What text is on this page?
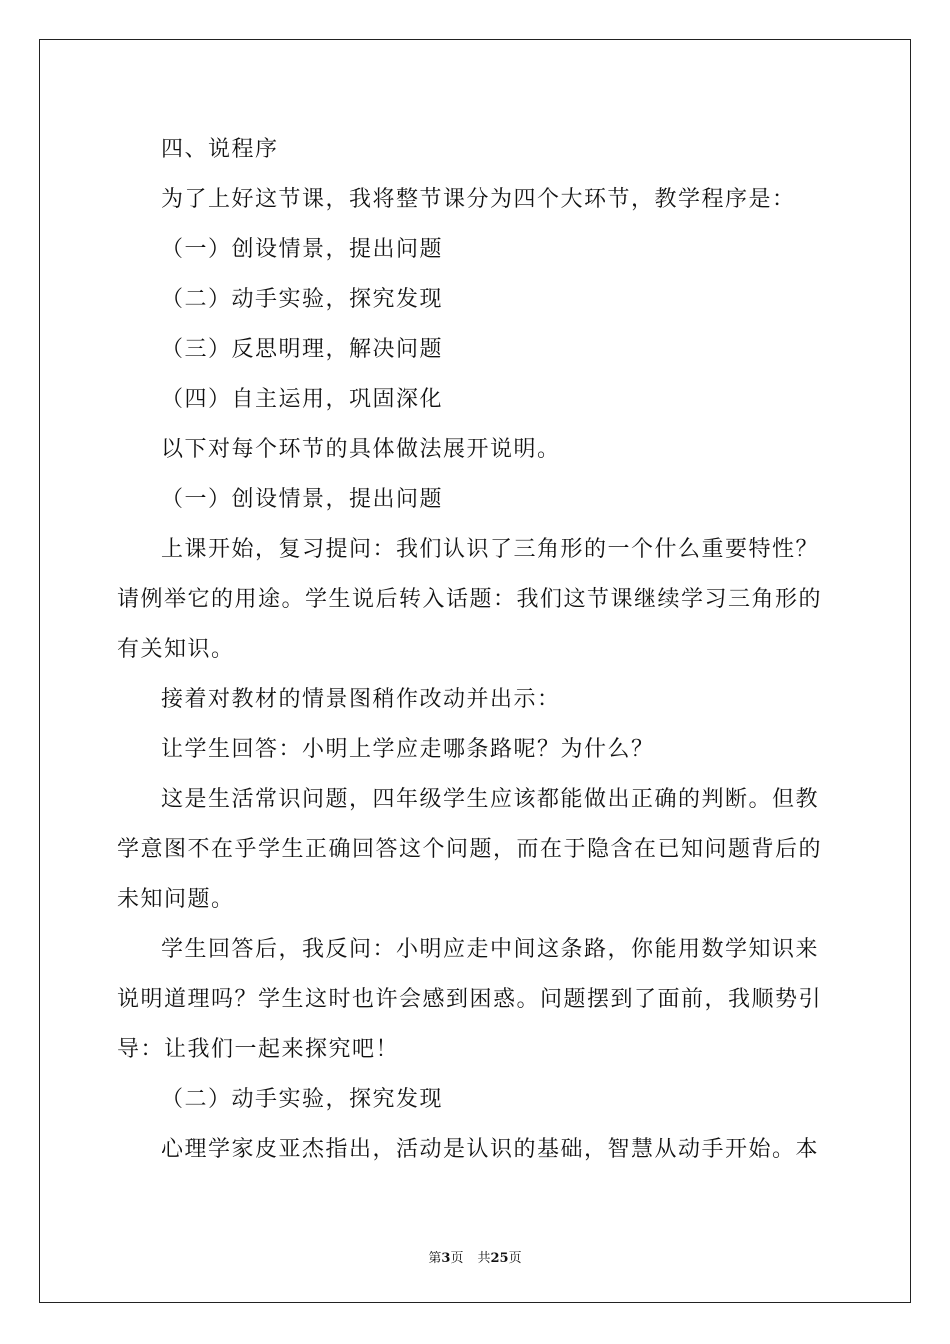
四、说程序

为了上好这节课，我将整节课分为四个大环节，教学程序是：

（一）创设情景，提出问题

（二）动手实验，探究发现

（三）反思明理，解决问题

（四）自主运用，巩固深化

以下对每个环节的具体做法展开说明。

（一）创设情景，提出问题

上课开始，复习提问：我们认识了三角形的一个什么重要特性？请例举它的用途。学生说后转入话题：我们这节课继续学习三角形的有关知识。

接着对教材的情景图稍作改动并出示：

让学生回答：小明上学应走哪条路呢？为什么？

这是生活常识问题，四年级学生应该都能做出正确的判断。但教学意图不在乎学生正确回答这个问题，而在于隐含在已知问题背后的未知问题。

学生回答后，我反问：小明应走中间这条路，你能用数学知识来说明道理吗？学生这时也许会感到困惑。问题摆到了面前，我顺势引导：让我们一起来探究吧！

（二）动手实验，探究发现

心理学家皮亚杰指出，活动是认识的基础，智慧从动手开始。本

第3页 共25页
